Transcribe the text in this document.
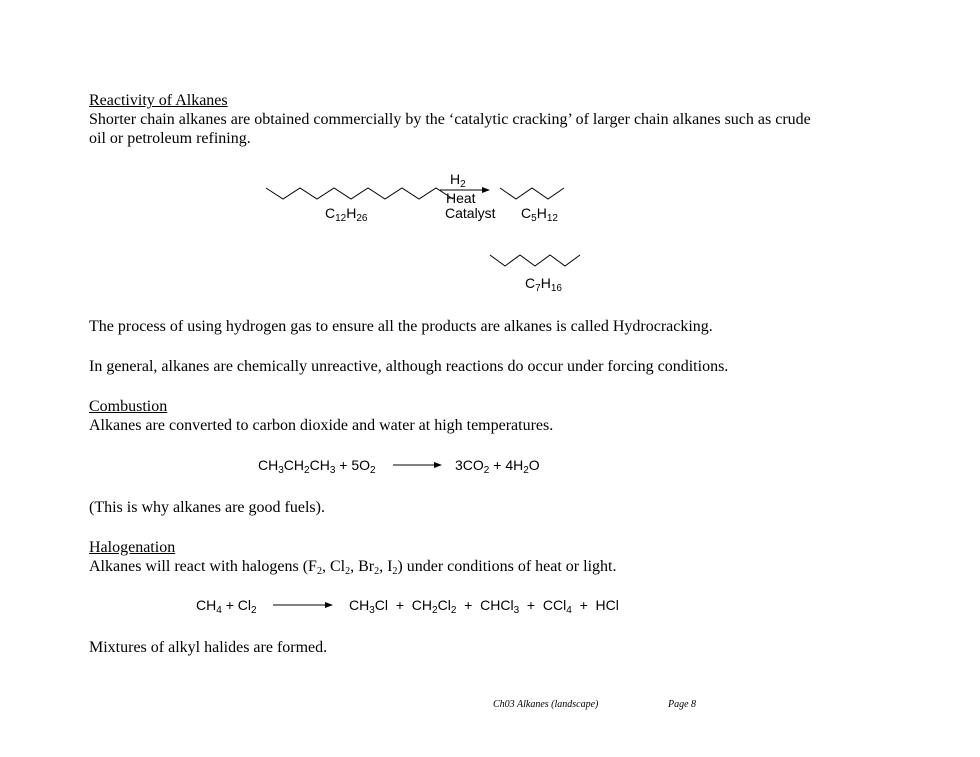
Reactivity of Alkanes
Shorter chain alkanes are obtained commercially by the ‘catalytic cracking’ of larger chain alkanes such as crude
oil or petroleum refining.
$C_{12}H_{26}$
$H_2$
Heat
Catalyst $C_5H_{12}$
$C_7H_{16}$
The process of using hydrogen gas to ensure all the products are alkanes is called Hydrocracking.
In general, alkanes are chemically unreactive, although reactions do occur under forcing conditions.
Combustion
Alkanes are converted to carbon dioxide and water at high temperatures.
$CH_3CH_2CH_3 + 5O_2$	$3CO_2 + 4H_2O$
(This is why alkanes are good fuels).
Halogenation
Alkanes will react with halogens ($F_2$, $Cl_2$, $Br_2$, $I_2$) under conditions of heat or light.
$CH_4 + Cl_2$	$CH_3Cl + CH_2Cl_2$ + CHCl$_3$ + CCl$_4$ + HCl
Mixtures of alkyl halides are formed.
Ch03 Alkanes (landscape)	Page 8
